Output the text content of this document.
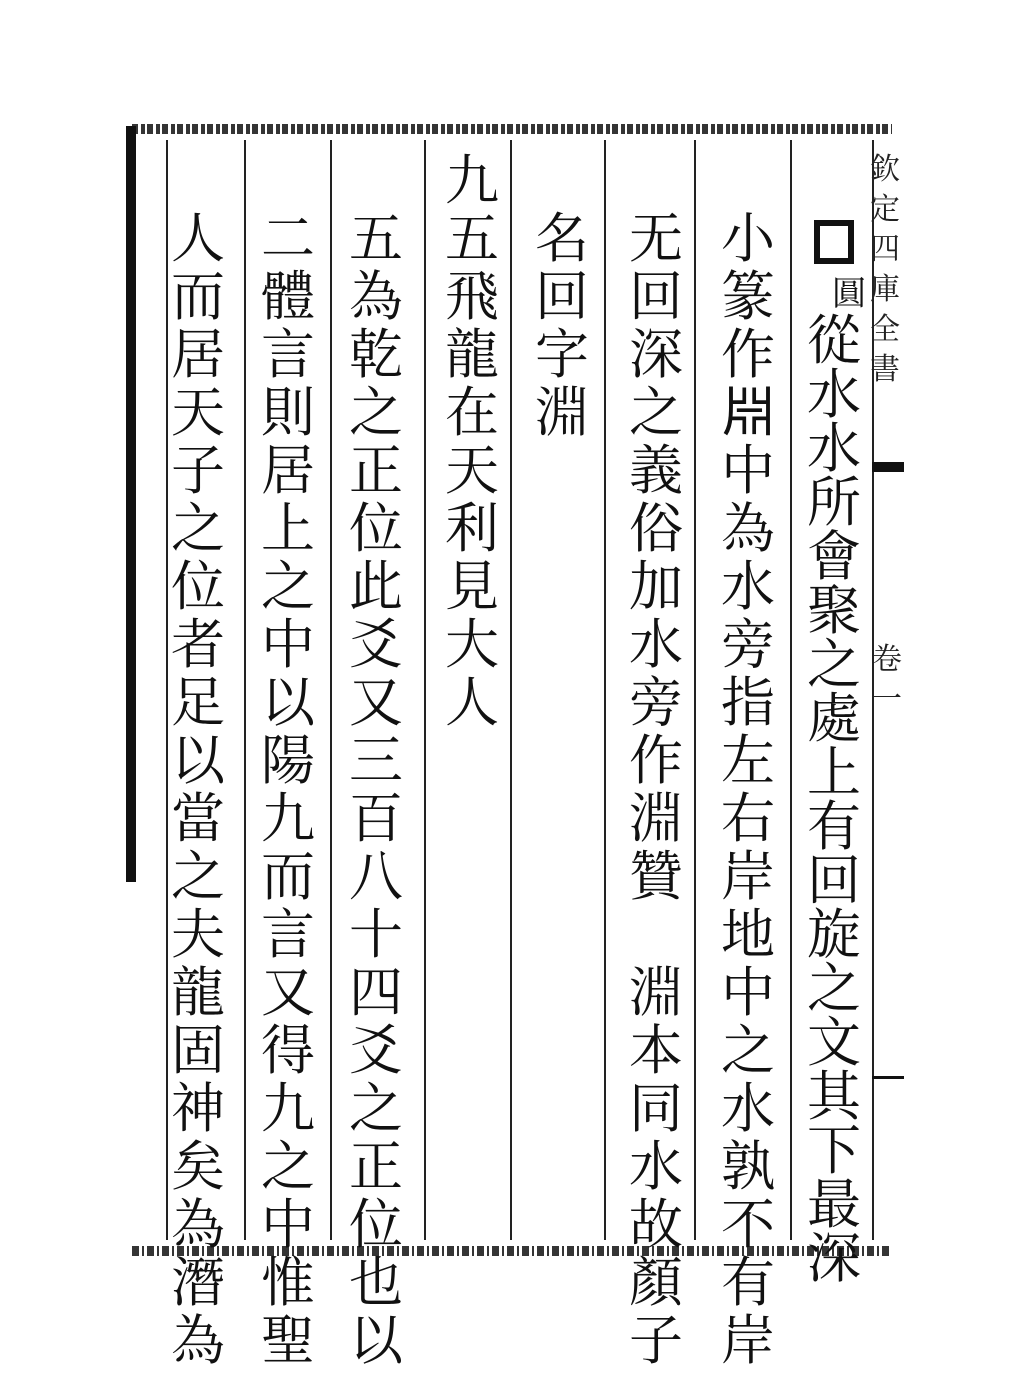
欽定四庫全書
卷一
圓
從
水
水
所
會
聚
之
處
上
有
回
旋
之
文
其
下
最
深
小
篆
作
𣶒
中
為
水
旁
指
左
右
岸
地
中
之
水
孰
不
有
岸
无
回
深
之
義
俗
加
水
旁
作
淵
贊
淵
本
同
水
故
顏
子
名
回
字
淵
九
五
飛
龍
在
天
利
見
大
人
五
為
乾
之
正
位
此
爻
又
三
百
八
十
四
爻
之
正
位
也
以
二
體
言
則
居
上
之
中
以
陽
九
而
言
又
得
九
之
中
惟
聖
人
而
居
天
子
之
位
者
足
以
當
之
夫
龍
固
神
矣
為
潛
為
